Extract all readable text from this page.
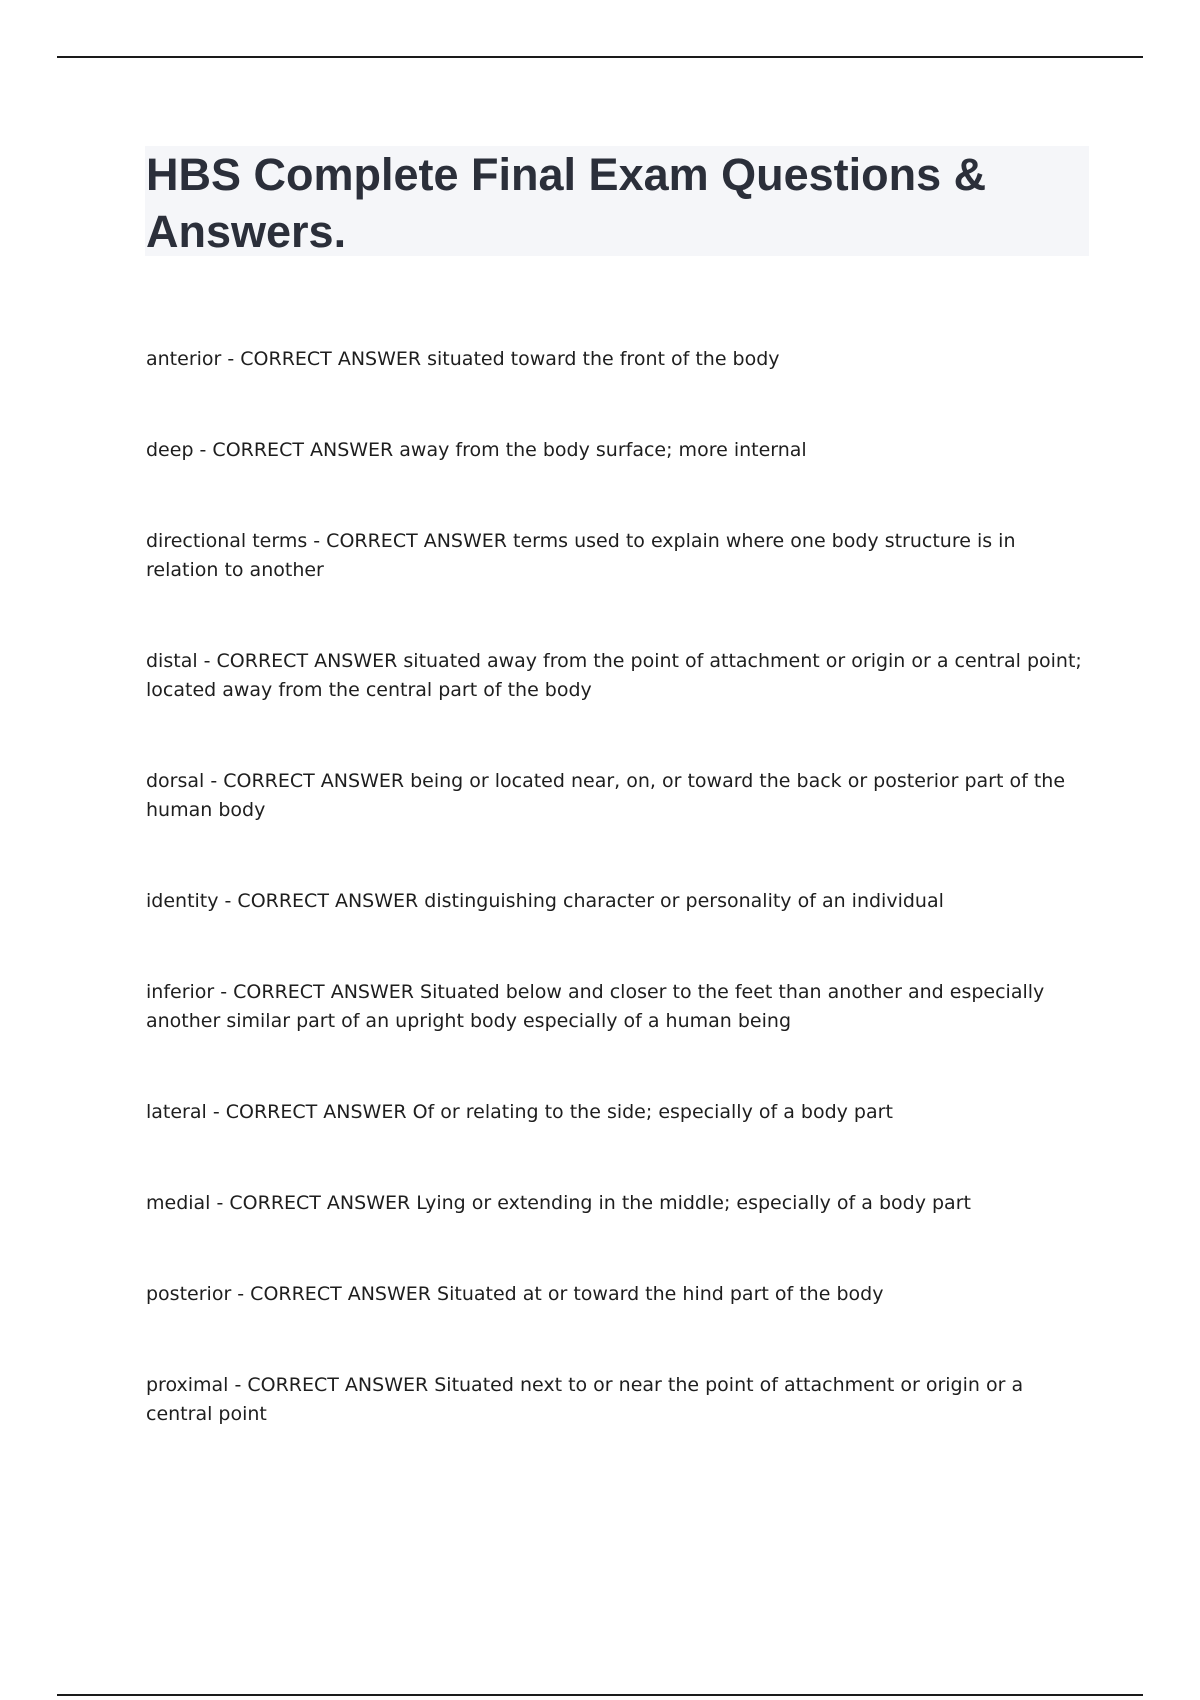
HBS Complete Final Exam Questions & Answers.

anterior - CORRECT ANSWER situated toward the front of the body

deep - CORRECT ANSWER away from the body surface; more internal

directional terms - CORRECT ANSWER terms used to explain where one body structure is in relation to another

distal - CORRECT ANSWER situated away from the point of attachment or origin or a central point; located away from the central part of the body

dorsal - CORRECT ANSWER being or located near, on, or toward the back or posterior part of the human body

identity - CORRECT ANSWER distinguishing character or personality of an individual

inferior - CORRECT ANSWER Situated below and closer to the feet than another and especially another similar part of an upright body especially of a human being

lateral - CORRECT ANSWER Of or relating to the side; especially of a body part

medial - CORRECT ANSWER Lying or extending in the middle; especially of a body part

posterior - CORRECT ANSWER Situated at or toward the hind part of the body

proximal - CORRECT ANSWER Situated next to or near the point of attachment or origin or a central point
